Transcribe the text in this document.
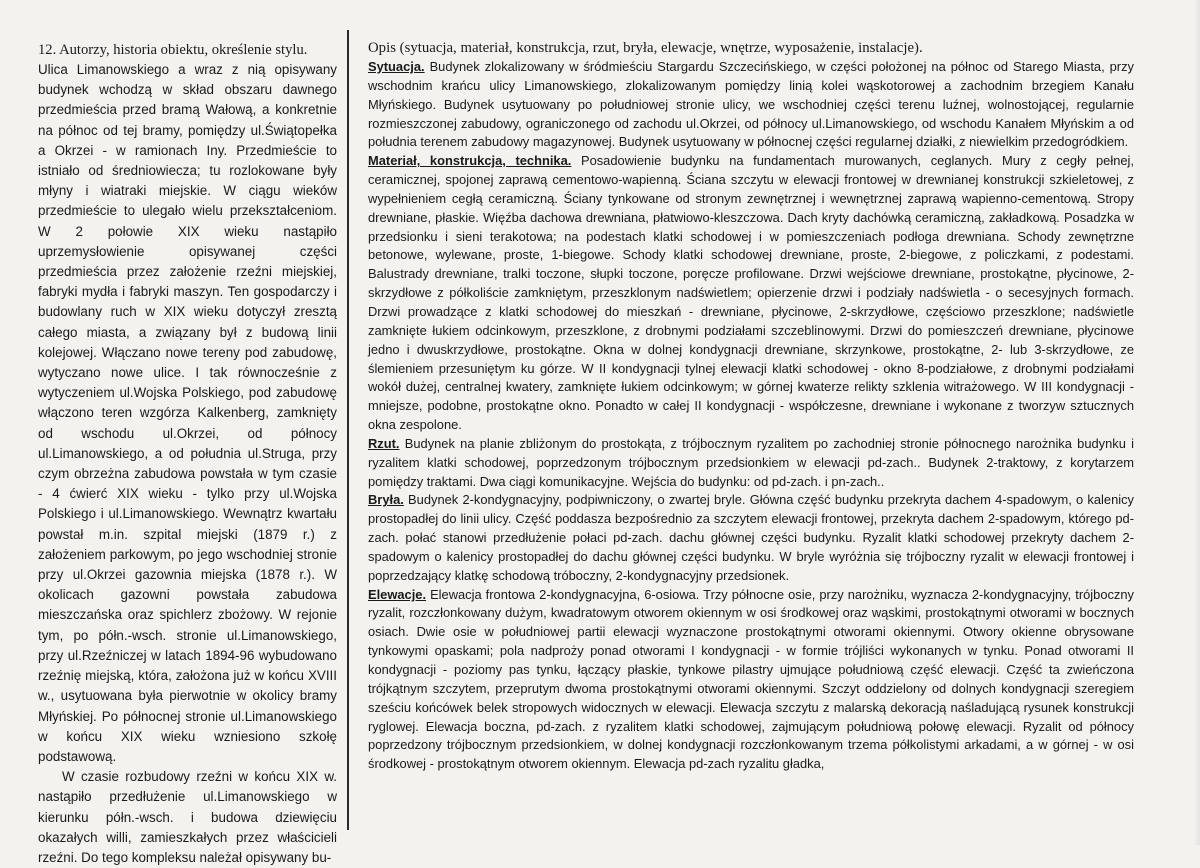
12. Autorzy, historia obiektu, określenie stylu.

Ulica Limanowskiego a wraz z nią opisywany budynek wchodzą w skład obszaru dawnego przedmieścia przed bramą Wałową, a konkretnie na północ od tej bramy, pomiędzy ul.Świątopełka a Okrzei - w ramionach Iny. Przedmieście to istniało od średniowiecza; tu rozlokowane były młyny i wiatraki miejskie. W ciągu wieków przedmieście to ulegało wielu przekształceniom. W 2 połowie XIX wieku nastąpiło uprzemysłowienie opisywanej części przedmieścia przez założenie rzeźni miejskiej, fabryki mydła i fabryki maszyn. Ten gospodarczy i budowlany ruch w XIX wieku dotyczył zresztą całego miasta, a związany był z budową linii kolejowej. Włączano nowe tereny pod zabudowę, wytyczano nowe ulice. I tak równocześnie z wytyczeniem ul.Wojska Polskiego, pod zabudowę włączono teren wzgórza Kalkenberg, zamknięty od wschodu ul.Okrzei, od północy ul.Limanowskiego, a od południa ul.Struga, przy czym obrzeżna zabudowa powstała w tym czasie - 4 ćwierć XIX wieku - tylko przy ul.Wojska Polskiego i ul.Limanowskiego. Wewnątrz kwartału powstał m.in. szpital miejski (1879 r.) z założeniem parkowym, po jego wschodniej stronie przy ul.Okrzei gazownia miejska (1878 r.). W okolicach gazowni powstała zabudowa mieszczańska oraz spichlerz zbożowy. W rejonie tym, po półn.-wsch. stronie ul.Limanowskiego, przy ul.Rzeźniczej w latach 1894-96 wybudowano rzeźnię miejską, która, założona już w końcu XVIII w., usytuowana była pierwotnie w okolicy bramy Młyńskiej. Po północnej stronie ul.Limanowskiego w końcu XIX wieku wzniesiono szkołę podstawową.

W czasie rozbudowy rzeźni w końcu XIX w. nastąpiło przedłużenie ul.Limanowskiego w kierunku półn.-wsch. i budowa dziewięciu okazałych willi, zamieszkałych przez właścicieli rzeźni. Do tego kompleksu należał opisywany bu-

Opis (sytuacja, materiał, konstrukcja, rzut, bryła, elewacje, wnętrze, wyposażenie, instalacje).

Sytuacja. Budynek zlokalizowany w śródmieściu Stargardu Szczecińskiego, w części położonej na północ od Starego Miasta, przy wschodnim krańcu ulicy Limanowskiego, zlokalizowanym pomiędzy linią kolei wąskotorowej a zachodnim brzegiem Kanału Młyńskiego. Budynek usytuowany po południowej stronie ulicy, we wschodniej części terenu luźnej, wolnostojącej, regularnie rozmieszczonej zabudowy, ograniczonego od zachodu ul.Okrzei, od północy ul.Limanowskiego, od wschodu Kanałem Młyńskim a od południa terenem zabudowy magazynowej. Budynek usytuowany w północnej części regularnej działki, z niewielkim przedogródkiem.

Materiał, konstrukcja, technika. Posadowienie budynku na fundamentach murowanych, ceglanych. Mury z cegły pełnej, ceramicznej, spojonej zaprawą cementowo-wapienną. Ściana szczytu w elewacji frontowej w drewnianej konstrukcji szkieletowej, z wypełnieniem cegłą ceramiczną. Ściany tynkowane od stronym zewnętrznej i wewnętrznej zaprawą wapienno-cementową. Stropy drewniane, płaskie. Więźba dachowa drewniana, płatwiowo-kleszczowa. Dach kryty dachówką ceramiczną, zakładkową. Posadzka w przedsionku i sieni terakotowa; na podestach klatki schodowej i w pomieszczeniach podłoga drewniana. Schody zewnętrzne betonowe, wylewane, proste, 1-biegowe. Schody klatki schodowej drewniane, proste, 2-biegowe, z policzkami, z podestami. Balustrady drewniane, tralki toczone, słupki toczone, poręcze profilowane. Drzwi wejściowe drewniane, prostokątne, płycinowe, 2-skrzydłowe z półkoliście zamkniętym, przeszklonym nadświetlem; opierzenie drzwi i podziały nadświetla - o secesyjnych formach. Drzwi prowadzące z klatki schodowej do mieszkań - drewniane, płycinowe, 2-skrzydłowe, częściowo przeszklone; nadświetle zamknięte łukiem odcinkowym, przeszklone, z drobnymi podziałami szczeblinowymi. Drzwi do pomieszczeń drewniane, płycinowe jedno i dwuskrzydłowe, prostokątne. Okna w dolnej kondygnacji drewniane, skrzynkowe, prostokątne, 2- lub 3-skrzydłowe, ze ślemieniem przesuniętym ku górze. W II kondygnacji tylnej elewacji klatki schodowej - okno 8-podziałowe, z drobnymi podziałami wokół dużej, centralnej kwatery, zamknięte łukiem odcinkowym; w górnej kwaterze relikty szklenia witrażowego. W III kondygnacji - mniejsze, podobne, prostokątne okno. Ponadto w całej II kondygnacji - współczesne, drewniane i wykonane z tworzyw sztucznych okna zespolone.

Rzut. Budynek na planie zbliżonym do prostokąta, z trójbocznym ryzalitem po zachodniej stronie północnego narożnika budynku i ryzalitem klatki schodowej, poprzedzonym trójbocznym przedsionkiem w elewacji pd-zach.. Budynek 2-traktowy, z korytarzem pomiędzy traktami. Dwa ciągi komunikacyjne. Wejścia do budynku: od pd-zach. i pn-zach..

Bryła. Budynek 2-kondygnacyjny, podpiwniczony, o zwartej bryle. Główna część budynku przekryta dachem 4-spadowym, o kalenicy prostopadłej do linii ulicy. Część poddasza bezpośrednio za szczytem elewacji frontowej, przekryta dachem 2-spadowym, którego pd-zach. połać stanowi przedłużenie połaci pd-zach. dachu głównej części budynku. Ryzalit klatki schodowej przekryty dachem 2-spadowym o kalenicy prostopadłej do dachu głównej części budynku. W bryle wyróżnia się trójboczny ryzalit w elewacji frontowej i poprzedzający klatkę schodową tróboczny, 2-kondygnacyjny przedsionek.

Elewacje. Elewacja frontowa 2-kondygnacyjna, 6-osiowa. Trzy północne osie, przy narożniku, wyznacza 2-kondygnacyjny, trójboczny ryzalit, rozczłonkowany dużym, kwadratowym otworem okiennym w osi środkowej oraz wąskimi, prostokątnymi otworami w bocznych osiach. Dwie osie w południowej partii elewacji wyznaczone prostokątnymi otworami okiennymi. Otwory okienne obrysowane tynkowymi opaskami; pola nadprożу ponad otworami I kondygnacji - w formie trójliści wykonanych w tynku. Ponad otworami II kondygnacji - poziomy pas tynku, łączący płaskie, tynkowe pilastry ujmujące południową część elewacji. Część ta zwieńczona trójkątnym szczytem, przeprutym dwoma prostokątnymi otworami okiennymi. Szczyt oddzielony od dolnych kondygnacji szeregiem sześciu końcówek belek stropowych widocznych w elewacji. Elewacja szczytu z malarską dekoracją naśladującą rysunek konstrukcji ryglowej. Elewacja boczna, pd-zach. z ryzalitem klatki schodowej, zajmującym południową połowę elewacji. Ryzalit od północy poprzedzony trójbocznym przedsionkiem, w dolnej kondygnacji rozczłonkowanym trzema półkolistymi arkadami, a w górnej - w osi środkowej - prostokątnym otworem okiennym. Elewacja pd-zach ryzalitu gładka,
